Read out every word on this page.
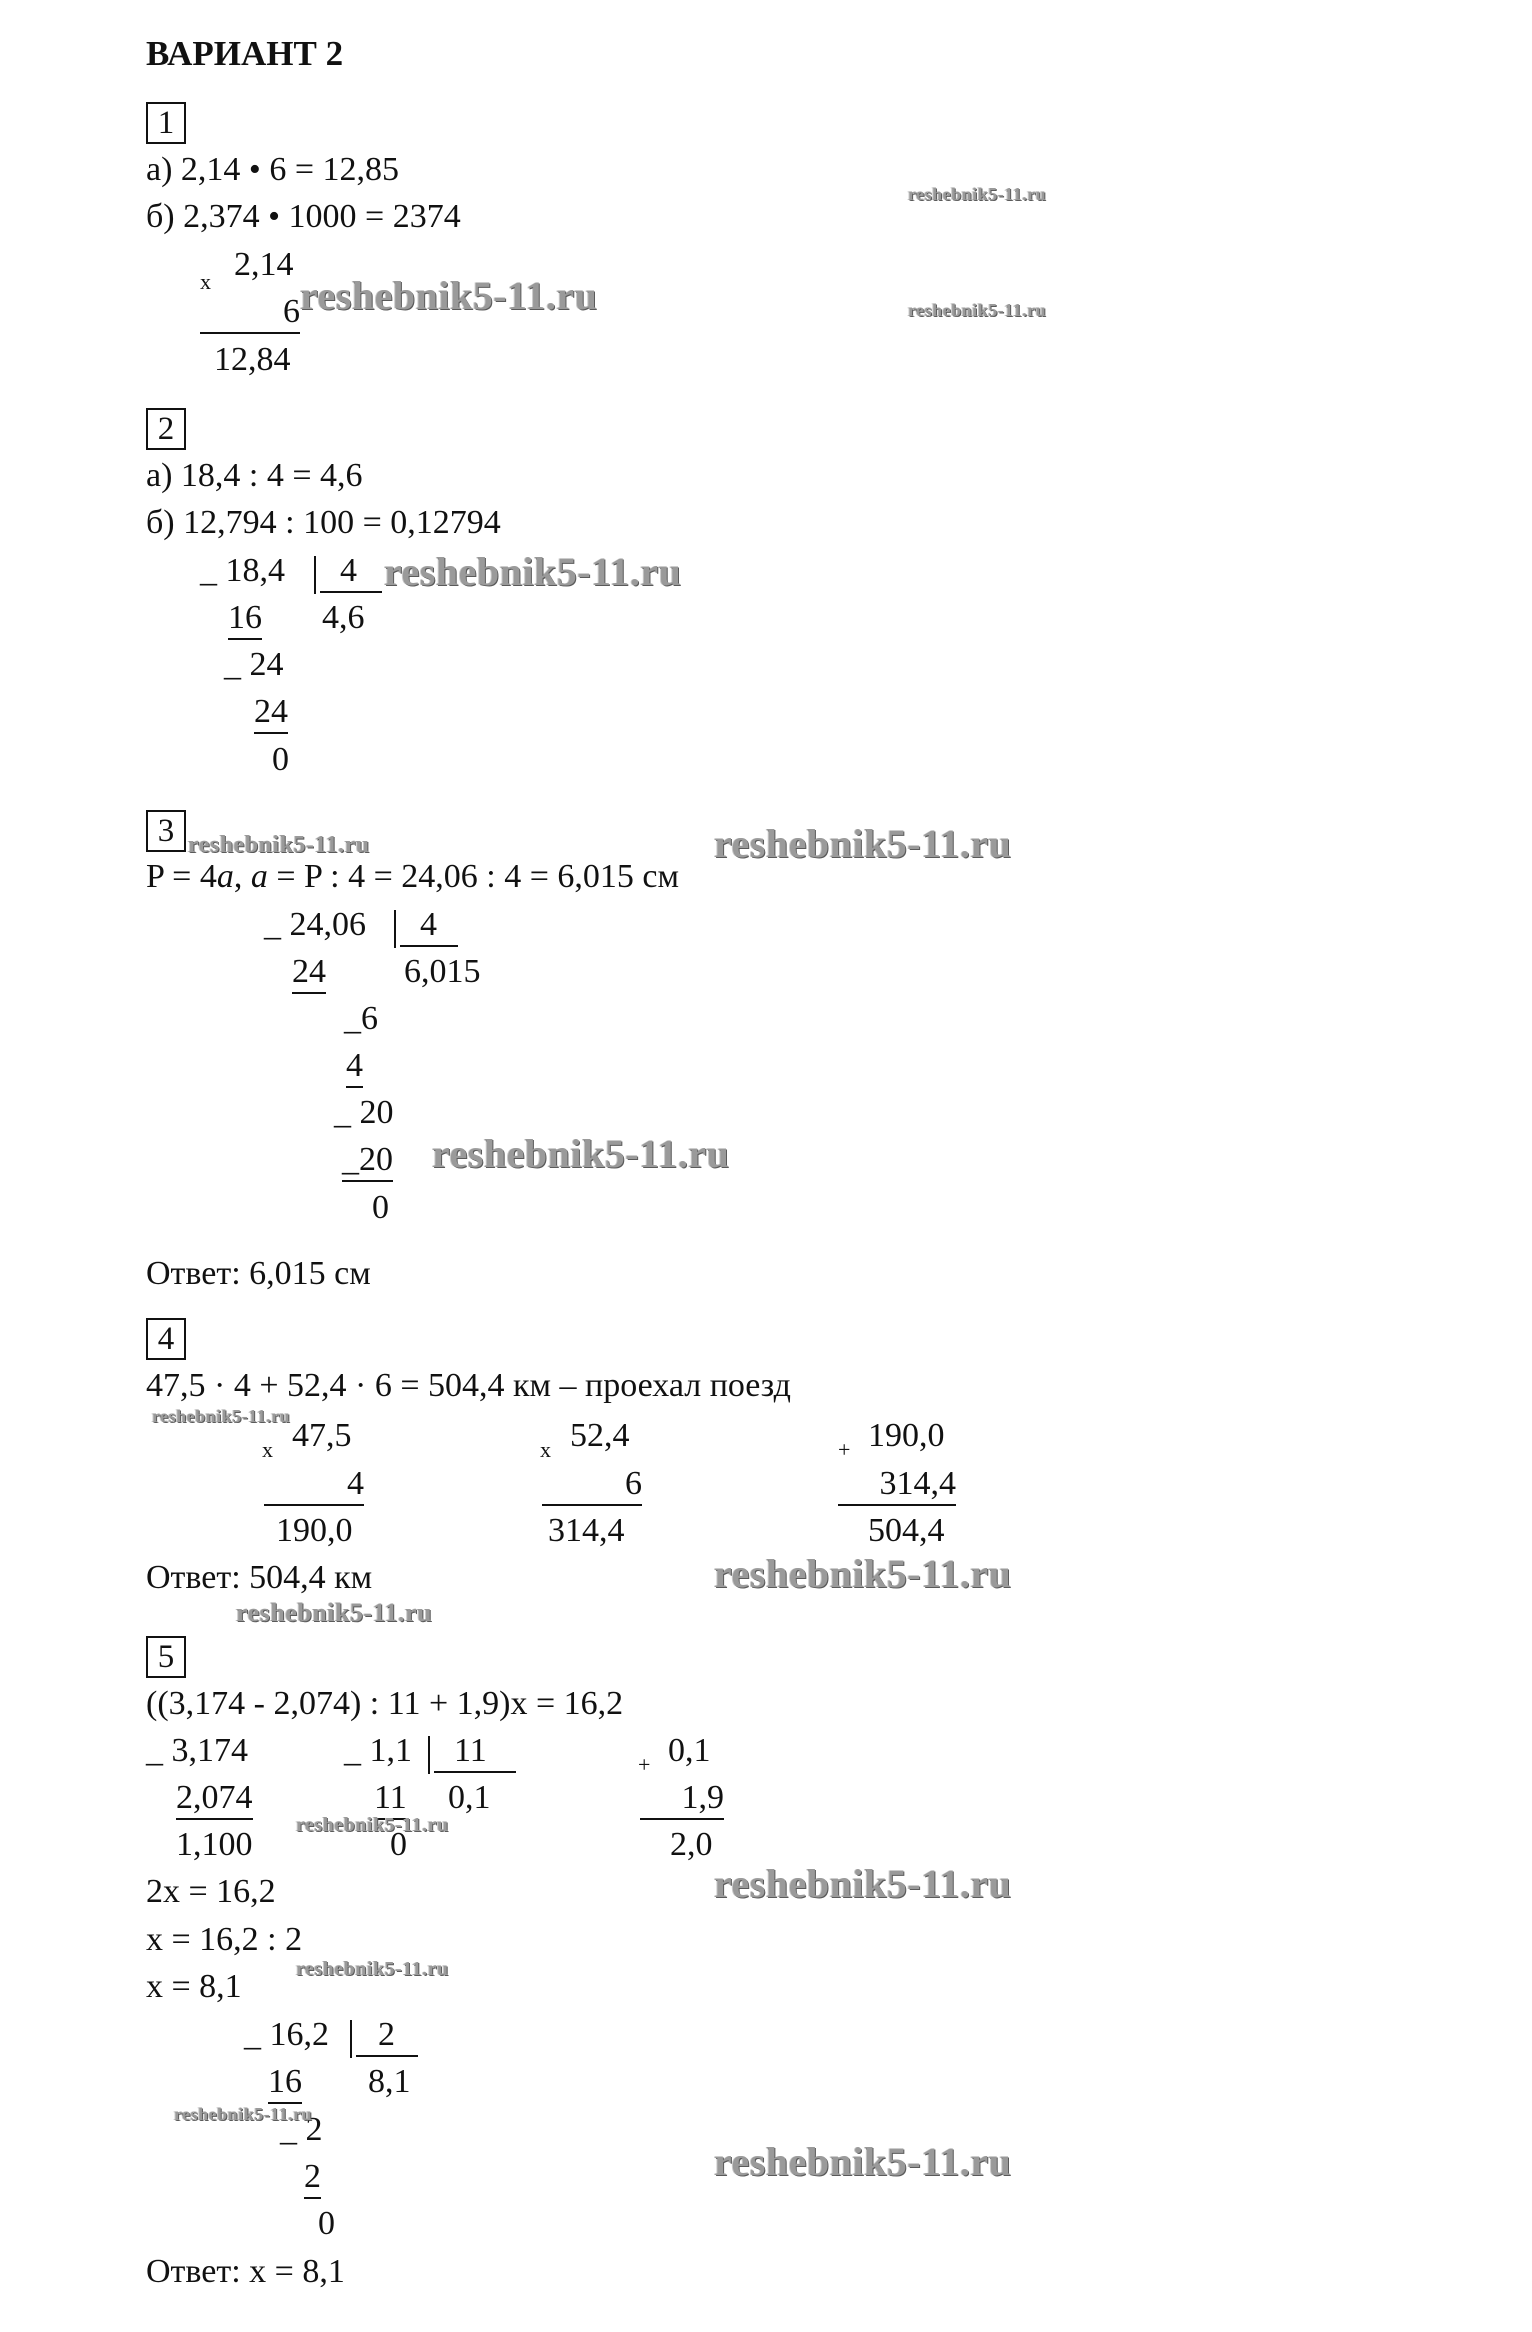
ВАРИАНТ 2
1
а) 2,14 • 6 = 12,85
б) 2,374 • 1000 = 2374
x 2,14
6
12,84
2
а) 18,4 : 4 = 4,6
б) 12,794 : 100 = 0,12794
_ 18,4	4
16 4,6
_ 24
24
0
3
P = 4a, a = P : 4 = 24,06 : 4 = 6,015 см
_ 24,06	4
24 6,015
_6
4
_ 20
_20
0
Ответ: 6,015 см
4
47,5 · 4 + 52,4 · 6 = 504,4 км – проехал поезд
x 47,5
4
190,0
x 52,4
6
314,4
+ 190,0
314,4
504,4
Ответ: 504,4 км
5
((3,174 - 2,074) : 11 + 1,9)x = 16,2
_ 3,174
2,074
1,100
_ 1,1	11
11 0,1
0
+ 0,1
1,9
2,0
2x = 16,2
x = 16,2 : 2
x = 8,1
_ 16,2	2
16 8,1
_ 2
2
0
Ответ: x = 8,1
reshebnik5-11.ru
reshebnik5-11.ru	reshebnik5-11.ru
reshebnik5-11.ru
reshebnik5-11.ru	reshebnik5-11.ru
reshebnik5-11.ru
reshebnik5-11.ru
reshebnik5-11.ru
reshebnik5-11.ru
reshebnik5-11.ru
reshebnik5-11.ru
reshebnik5-11.ru
reshebnik5-11.ru
reshebnik5-11.ru
